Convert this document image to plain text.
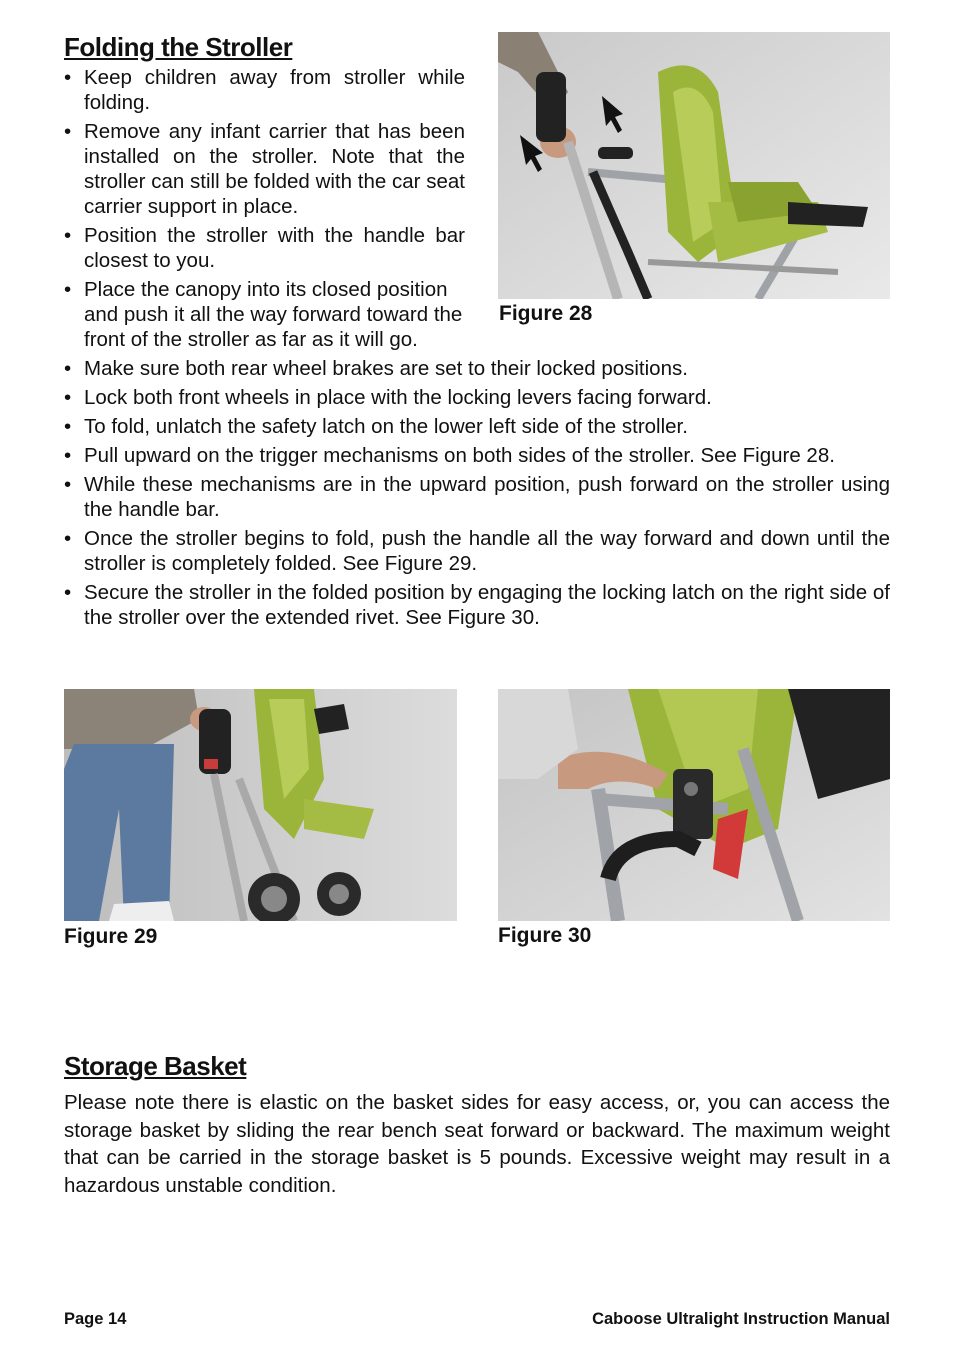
Folding the Stroller
• Keep children away from stroller while folding.
• Remove any infant carrier that has been installed on the stroller. Note that the stroller can still be folded with the car seat carrier support in place.
• Position the stroller with the handle bar closest to you.
• Place the canopy into its closed position and push it all the way forward toward the front of the stroller as far as it will go.
Figure 28
• Make sure both rear wheel brakes are set to their locked positions.
• Lock both front wheels in place with the locking levers facing forward.
• To fold, unlatch the safety latch on the lower left side of the stroller.
• Pull upward on the trigger mechanisms on both sides of the stroller. See Figure 28.
• While these mechanisms are in the upward position, push forward on the stroller using the handle bar.
• Once the stroller begins to fold, push the handle all the way forward and down until the stroller is completely folded. See Figure 29.
• Secure the stroller in the folded position by engaging the locking latch on the right side of the stroller over the extended rivet. See Figure 30.
Figure 29	Figure 30
Storage Basket
Please note there is elastic on the basket sides for easy access, or, you can access the storage basket by sliding the rear bench seat forward or backward. The maximum weight that can be carried in the storage basket is 5 pounds. Excessive weight may result in a hazardous unstable condition.
Page 14	Caboose Ultralight Instruction Manual
